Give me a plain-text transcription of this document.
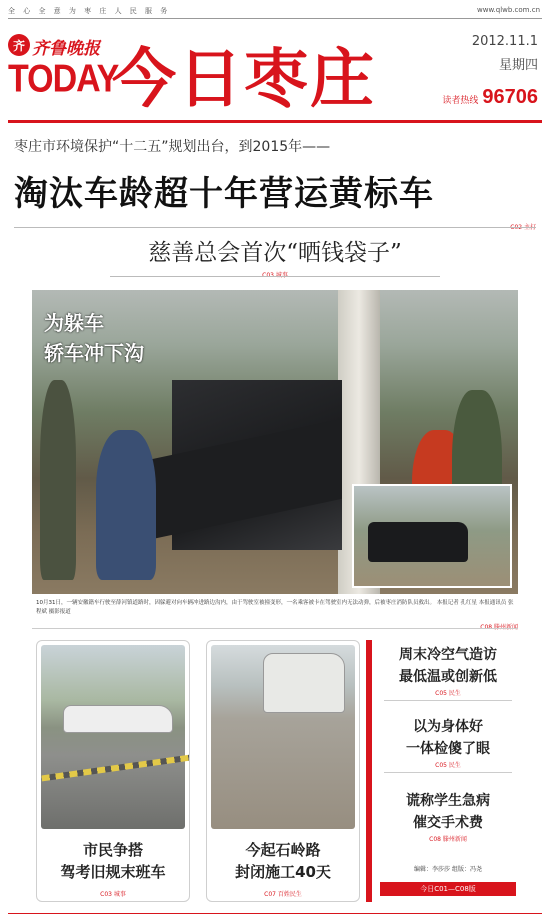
全 心 全 意 为 枣 庄 人 民 服 务	www.qlwb.com.cn
齐 齐鲁晚报
TODAY
今日枣庄
2012.11.1
星期四
读者热线 96706
枣庄市环境保护“十二五”规划出台，到2015年——
淘汰车龄超十年营运黄标车
慈善总会首次“晒钱袋子”
为躲车
轿车冲下沟
10月31日，一辆安徽籍车行驶至薛河镇道路时，因躲避对向车辆冲进路边沟内，由于驾驶室被撞变形，一名乘客被卡在驾驶室内无法动弹，后被枣庄消防队员救出。 本报记者 孔红星 本报通讯员 张程斌 摄影报道
市民争搭
驾考旧规末班车
C03 城事
今起石岭路
封闭施工40天
C07 百姓民生
周末冷空气造访
最低温或创新低
C05 民生
以为身体好
一体检傻了眼
C05 民生
谎称学生急病
催交手术费
C08 滕州新闻
编辑：李莎莎 组版：冯尧
今日C01—C08版
